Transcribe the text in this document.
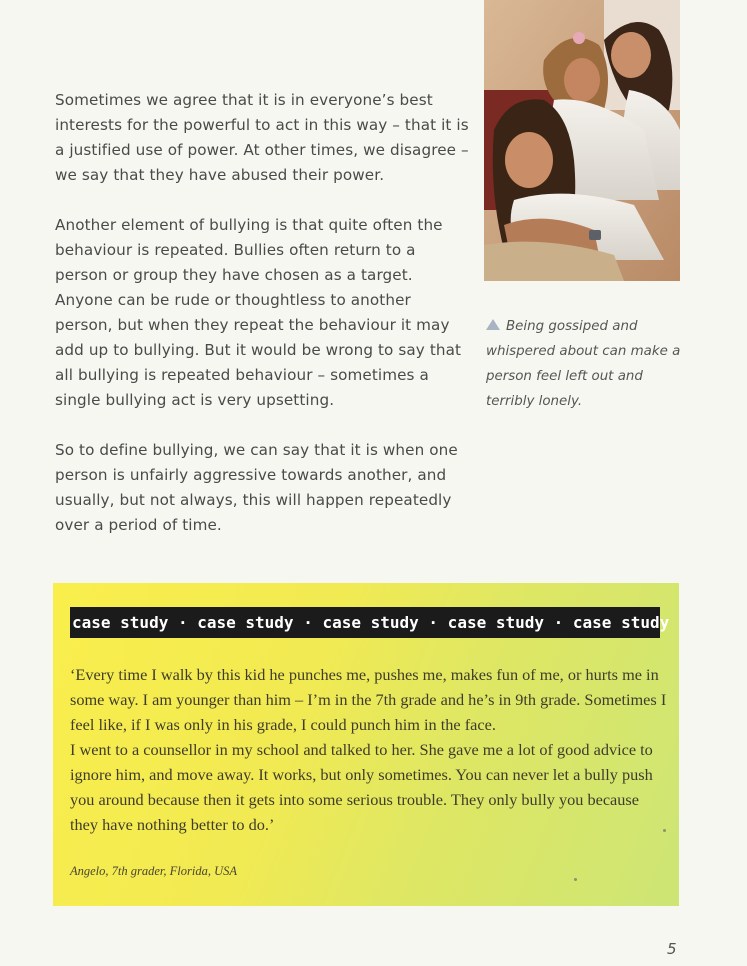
Sometimes we agree that it is in everyone’s best interests for the powerful to act in this way – that it is a justified use of power. At other times, we disagree – we say that they have abused their power.

Another element of bullying is that quite often the behaviour is repeated. Bullies often return to a person or group they have chosen as a target. Anyone can be rude or thoughtless to another person, but when they repeat the behaviour it may add up to bullying. But it would be wrong to say that all bullying is repeated behaviour – sometimes a single bullying act is very upsetting.

So to define bullying, we can say that it is when one person is unfairly aggressive towards another, and usually, but not always, this will happen repeatedly over a period of time.

Being gossiped and whispered about can make a person feel left out and terribly lonely.
case study · case study · case study · case study · case study

‘Every time I walk by this kid he punches me, pushes me, makes fun of me, or hurts me in some way. I am younger than him – I’m in the 7th grade and he’s in 9th grade. Sometimes I feel like, if I was only in his grade, I could punch him in the face.

I went to a counsellor in my school and talked to her. She gave me a lot of good advice to ignore him, and move away. It works, but only sometimes. You can never let a bully push you around because then it gets into some serious trouble. They only bully you because they have nothing better to do.’

Angelo, 7th grader, Florida, USA
5
